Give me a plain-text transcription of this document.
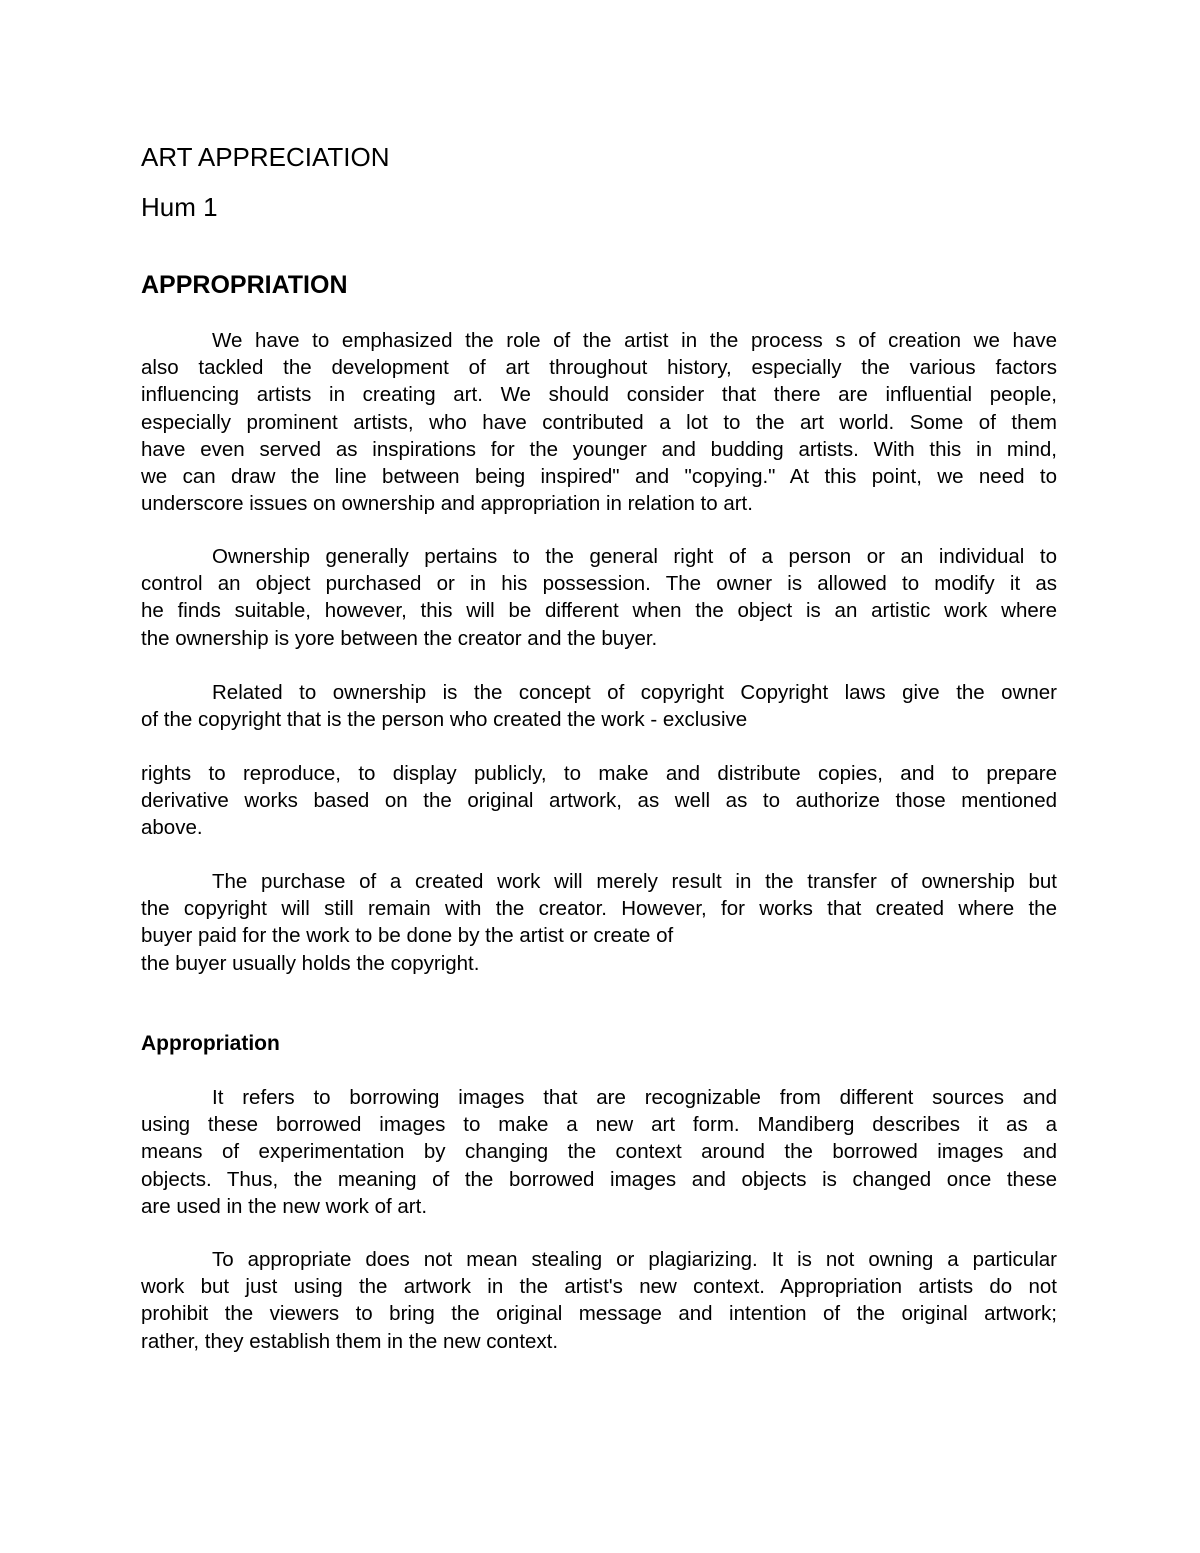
ART APPRECIATION
Hum 1
APPROPRIATION

We have to emphasized the role of the artist in the process s of creation we have
also tackled the development of art throughout history, especially the various factors
influencing artists in creating art. We should consider that there are influential people,
especially prominent artists, who have contributed a lot to the art world. Some of them
have even served as inspirations for the younger and budding artists. With this in mind,
we can draw the line between being inspired" and "copying." At this point, we need to
underscore issues on ownership and appropriation in relation to art.

Ownership generally pertains to the general right of a person or an individual to
control an object purchased or in his possession. The owner is allowed to modify it as
he finds suitable, however, this will be different when the object is an artistic work where
the ownership is yore between the creator and the buyer.

Related to ownership is the concept of copyright Copyright laws give the owner
of the copyright that is the person who created the work - exclusive

rights to reproduce, to display publicly, to make and distribute copies, and to prepare
derivative works based on the original artwork, as well as to authorize those mentioned
above.

The purchase of a created work will merely result in the transfer of ownership but
the copyright will still remain with the creator. However, for works that created where the
buyer paid for the work to be done by the artist or create of
the buyer usually holds the copyright.

Appropriation

It refers to borrowing images that are recognizable from different sources and
using these borrowed images to make a new art form. Mandiberg describes it as a
means of experimentation by changing the context around the borrowed images and
objects. Thus, the meaning of the borrowed images and objects is changed once these
are used in the new work of art.

To appropriate does not mean stealing or plagiarizing. It is not owning a particular
work but just using the artwork in the artist's new context. Appropriation artists do not
prohibit the viewers to bring the original message and intention of the original artwork;
rather, they establish them in the new context.
